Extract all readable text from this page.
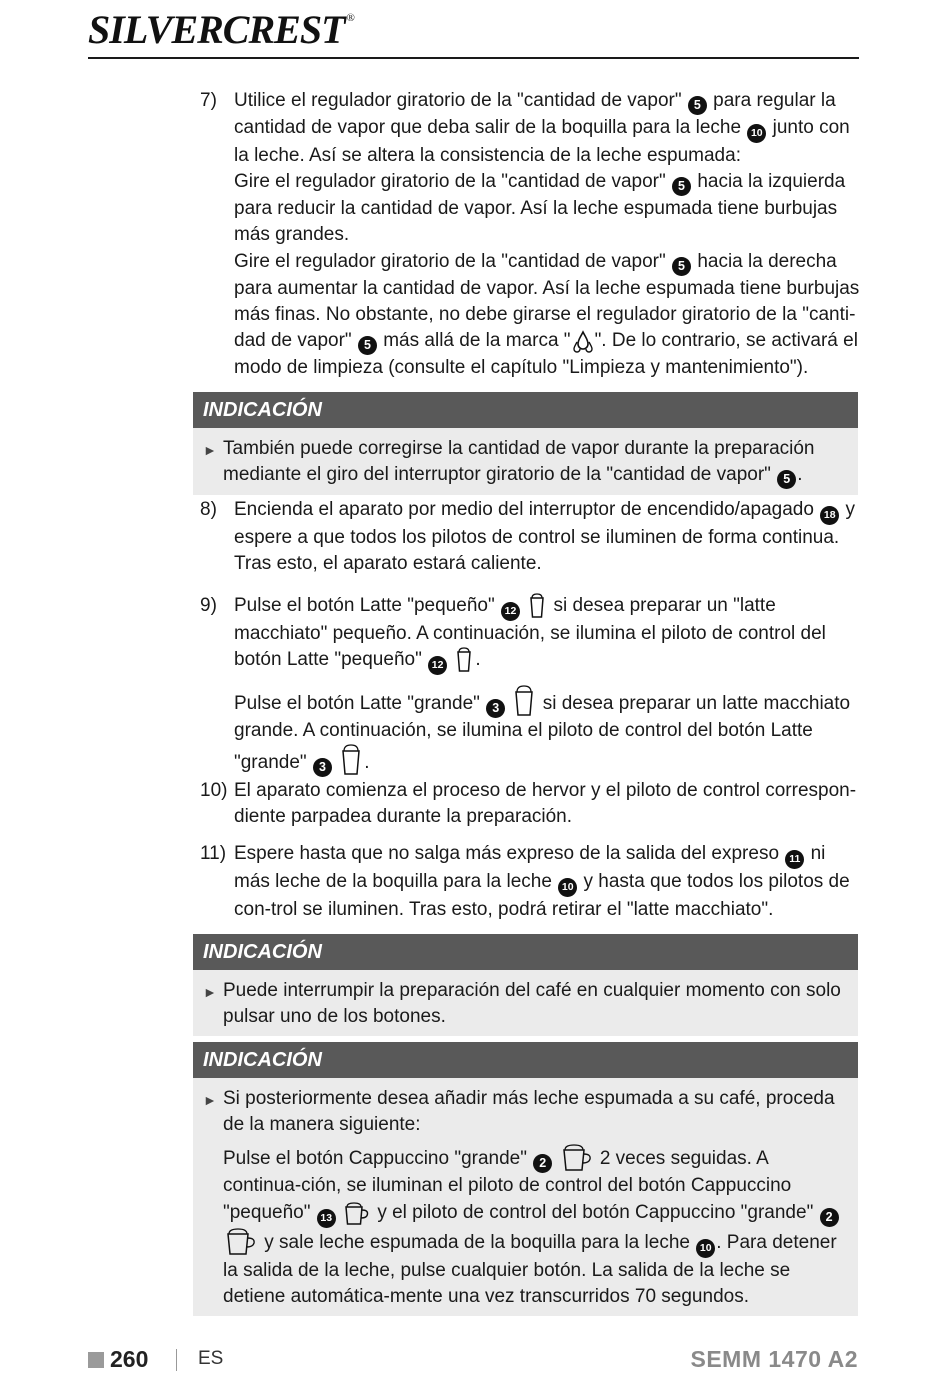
SILVERCREST ®
7) Utilice el regulador giratorio de la "cantidad de vapor" 5 para regular la cantidad de vapor que deba salir de la boquilla para la leche 10 junto con la leche. Así se altera la consistencia de la leche espumada:
Gire el regulador giratorio de la "cantidad de vapor" 5 hacia la izquierda para reducir la cantidad de vapor. Así la leche espumada tiene burbujas más grandes.
Gire el regulador giratorio de la "cantidad de vapor" 5 hacia la derecha para aumentar la cantidad de vapor. Así la leche espumada tiene burbujas más finas. No obstante, no debe girarse el regulador giratorio de la "canti-dad de vapor" 5 más allá de la marca " ". De lo contrario, se activará el modo de limpieza (consulte el capítulo "Limpieza y mantenimiento").
INDICACIÓN
► También puede corregirse la cantidad de vapor durante la preparación mediante el giro del interruptor giratorio de la "cantidad de vapor" 5 .

8) Encienda el aparato por medio del interruptor de encendido/apagado 18 y espere a que todos los pilotos de control se iluminen de forma continua. Tras esto, el aparato estará caliente.
9) Pulse el botón Latte "pequeño" 12 si desea preparar un "latte macchiato" pequeño. A continuación, se ilumina el piloto de control del botón Latte "pequeño" 12 .
Pulse el botón Latte "grande" 3 si desea preparar un latte macchiato grande. A continuación, se ilumina el piloto de control del botón Latte "grande" 3 .
10) El aparato comienza el proceso de hervor y el piloto de control correspon-diente parpadea durante la preparación.
11) Espere hasta que no salga más expreso de la salida del expreso 11 ni más leche de la boquilla para la leche 10 y hasta que todos los pilotos de con-trol se iluminen. Tras esto, podrá retirar el "latte macchiato".
INDICACIÓN
► Puede interrumpir la preparación del café en cualquier momento con solo pulsar uno de los botones.

INDICACIÓN
► Si posteriormente desea añadir más leche espumada a su café, proceda de la manera siguiente:

Pulse el botón Cappuccino "grande" 2	2 veces seguidas. A continua-ción, se iluminan el piloto de control del botón Cappuccino "pequeño" 13 y el piloto de control del botón Cappuccino "grande" 2
y sale leche espumada de la boquilla para la leche 10 . Para detener la salida de la leche, pulse cualquier botón. La salida de la leche se detiene automática-mente una vez transcurridos 70 segundos.

260	ES	SEMM 1470 A2
